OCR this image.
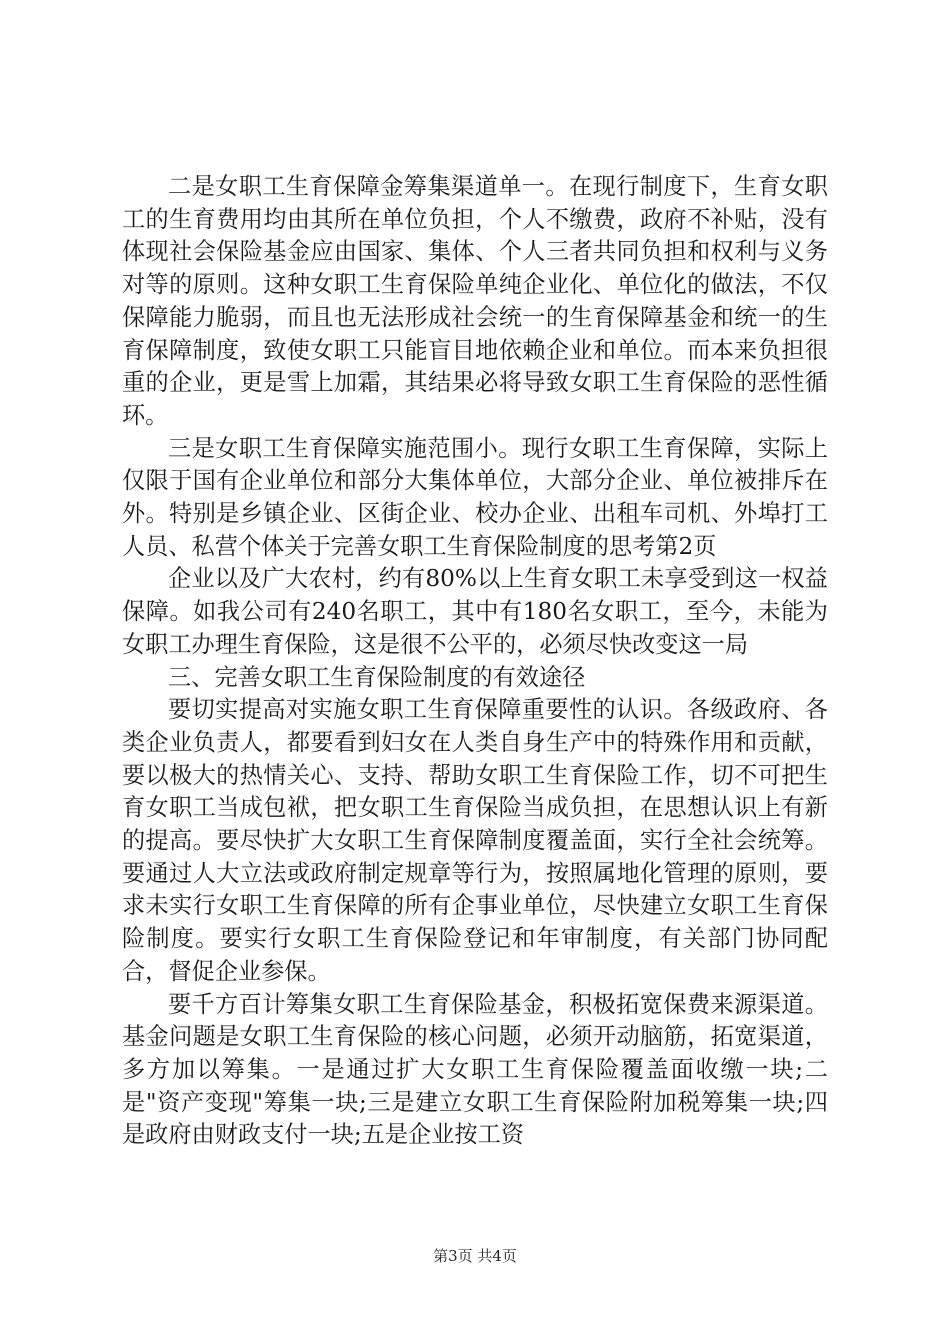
二是女职工生育保障金筹集渠道单一。在现行制度下，生育女职工的生育费用均由其所在单位负担，个人不缴费，政府不补贴，没有体现社会保险基金应由国家、集体、个人三者共同负担和权利与义务对等的原则。这种女职工生育保险单纯企业化、单位化的做法，不仅保障能力脆弱，而且也无法形成社会统一的生育保障基金和统一的生育保障制度，致使女职工只能盲目地依赖企业和单位。而本来负担很重的企业，更是雪上加霜，其结果必将导致女职工生育保险的恶性循环。

三是女职工生育保障实施范围小。现行女职工生育保障，实际上仅限于国有企业单位和部分大集体单位，大部分企业、单位被排斥在外。特别是乡镇企业、区街企业、校办企业、出租车司机、外埠打工人员、私营个体关于完善女职工生育保险制度的思考第2页

企业以及广大农村，约有80%以上生育女职工未享受到这一权益保障。如我公司有240名职工，其中有180名女职工，至今，未能为女职工办理生育保险，这是很不公平的，必须尽快改变这一局

三、完善女职工生育保险制度的有效途径

要切实提高对实施女职工生育保障重要性的认识。各级政府、各类企业负责人，都要看到妇女在人类自身生产中的特殊作用和贡献，要以极大的热情关心、支持、帮助女职工生育保险工作，切不可把生育女职工当成包袱，把女职工生育保险当成负担，在思想认识上有新的提高。要尽快扩大女职工生育保障制度覆盖面，实行全社会统筹。要通过人大立法或政府制定规章等行为，按照属地化管理的原则，要求未实行女职工生育保障的所有企事业单位，尽快建立女职工生育保险制度。要实行女职工生育保险登记和年审制度，有关部门协同配合，督促企业参保。

要千方百计筹集女职工生育保险基金，积极拓宽保费来源渠道。基金问题是女职工生育保险的核心问题，必须开动脑筋，拓宽渠道，多方加以筹集。一是通过扩大女职工生育保险覆盖面收缴一块;二是"资产变现"筹集一块;三是建立女职工生育保险附加税筹集一块;四是政府由财政支付一块;五是企业按工资

第3页 共4页
